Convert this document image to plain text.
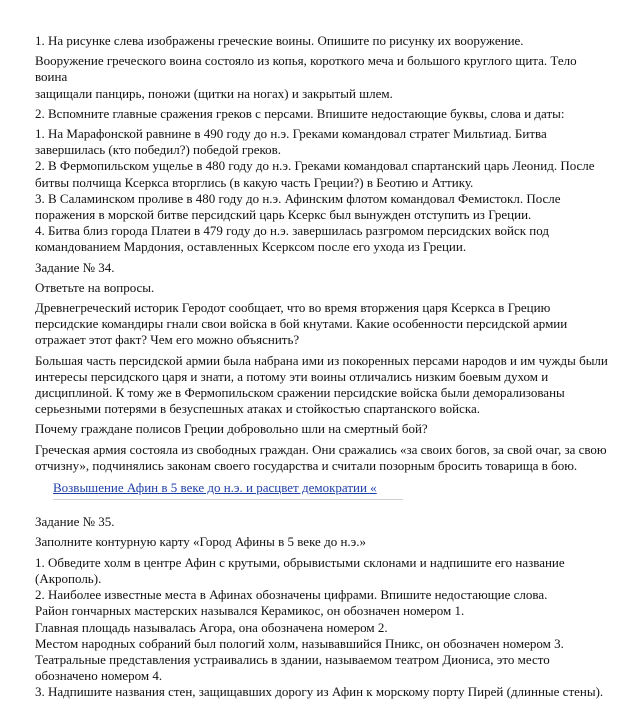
1. На рисунке слева изображены греческие воины. Опишите по рисунку их вооружение.

Вооружение греческого воина состояло из копья, короткого меча и большого круглого щита. Тело воина
защищали панцирь, поножи (щитки на ногах) и закрытый шлем.

2. Вспомните главные сражения греков с персами. Впишите недостающие буквы, слова и даты:

1. На Марафонской равнине в 490 году до н.э. Греками командовал стратег Мильтиад. Битва
завершилась (кто победил?) победой греков.
2. В Фермопильском ущелье в 480 году до н.э. Греками командовал спартанский царь Леонид. После
битвы полчища Ксеркса вторглись (в какую часть Греции?) в Беотию и Аттику.
3. В Саламинском проливе в 480 году до н.э. Афинским флотом командовал Фемистокл. После
поражения в морской битве персидский царь Ксеркс был вынужден отступить из Греции.
4. Битва близ города Платеи в 479 году до н.э. завершилась разгромом персидских войск под
командованием Мардония, оставленных Ксерксом после его ухода из Греции.

Задание № 34.

Ответьте на вопросы.

Древнегреческий историк Геродот сообщает, что во время вторжения царя Ксеркса в Грецию
персидские командиры гнали свои войска в бой кнутами. Какие особенности персидской армии
отражает этот факт? Чем его можно объяснить?

Большая часть персидской армии была набрана ими из покоренных персами народов и им чужды были
интересы персидского царя и знати, а потому эти воины отличались низким боевым духом и
дисциплиной. К тому же в Фермопильском сражении персидские войска были деморализованы
серьезными потерями в безуспешных атаках и стойкостью спартанского войска.

Почему граждане полисов Греции добровольно шли на смертный бой?

Греческая армия состояла из свободных граждан. Они сражались «за своих богов, за свой очаг, за свою
отчизну», подчинялись законам своего государства и считали позорным бросить товарища в бою.

Возвышение Афин в 5 веке до н.э. и расцвет демократии «

Задание № 35.

Заполните контурную карту «Город Афины в 5 веке до н.э.»

1. Обведите холм в центре Афин с крутыми, обрывистыми склонами и надпишите его название
(Акрополь).
2. Наиболее известные места в Афинах обозначены цифрами. Впишите недостающие слова.
Район гончарных мастерских назывался Керамикос, он обозначен номером 1.
Главная площадь называлась Агора, она обозначена номером 2.
Местом народных собраний был пологий холм, называвшийся Пникс, он обозначен номером 3.
Театральные представления устраивались в здании, называемом театром Диониса, это место
обозначено номером 4.
3. Надпишите названия стен, защищавших дорогу из Афин к морскому порту Пирей (длинные стены).
